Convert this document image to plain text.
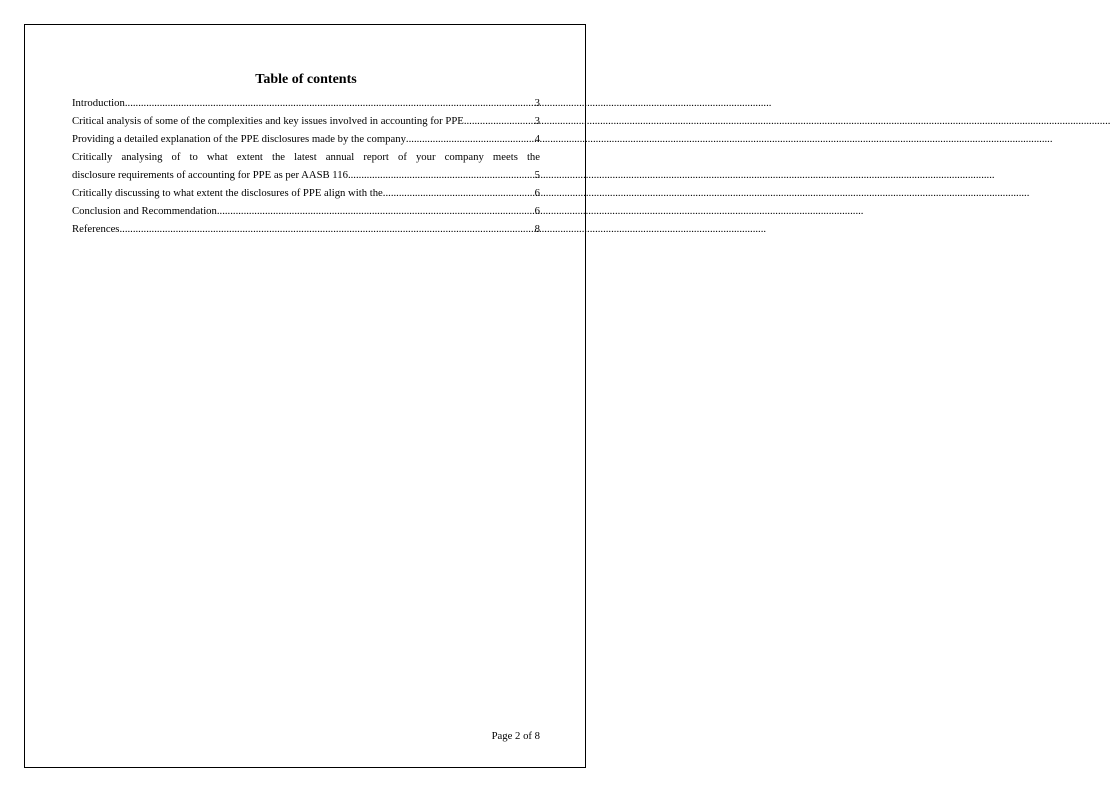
Table of contents
Introduction .....	3
Critical analysis of some of the complexities and key issues involved in accounting for PPE .....	3
Providing a detailed explanation of the PPE disclosures made by the company .....	4
Critically analysing of to what extent the latest annual report of your company meets the
disclosure requirements of accounting for PPE as per AASB 116 .....	5
Critically discussing to what extent the disclosures of PPE align with the .....	6
Conclusion and Recommendation .....	6
References .....	8
Page 2 of 8
